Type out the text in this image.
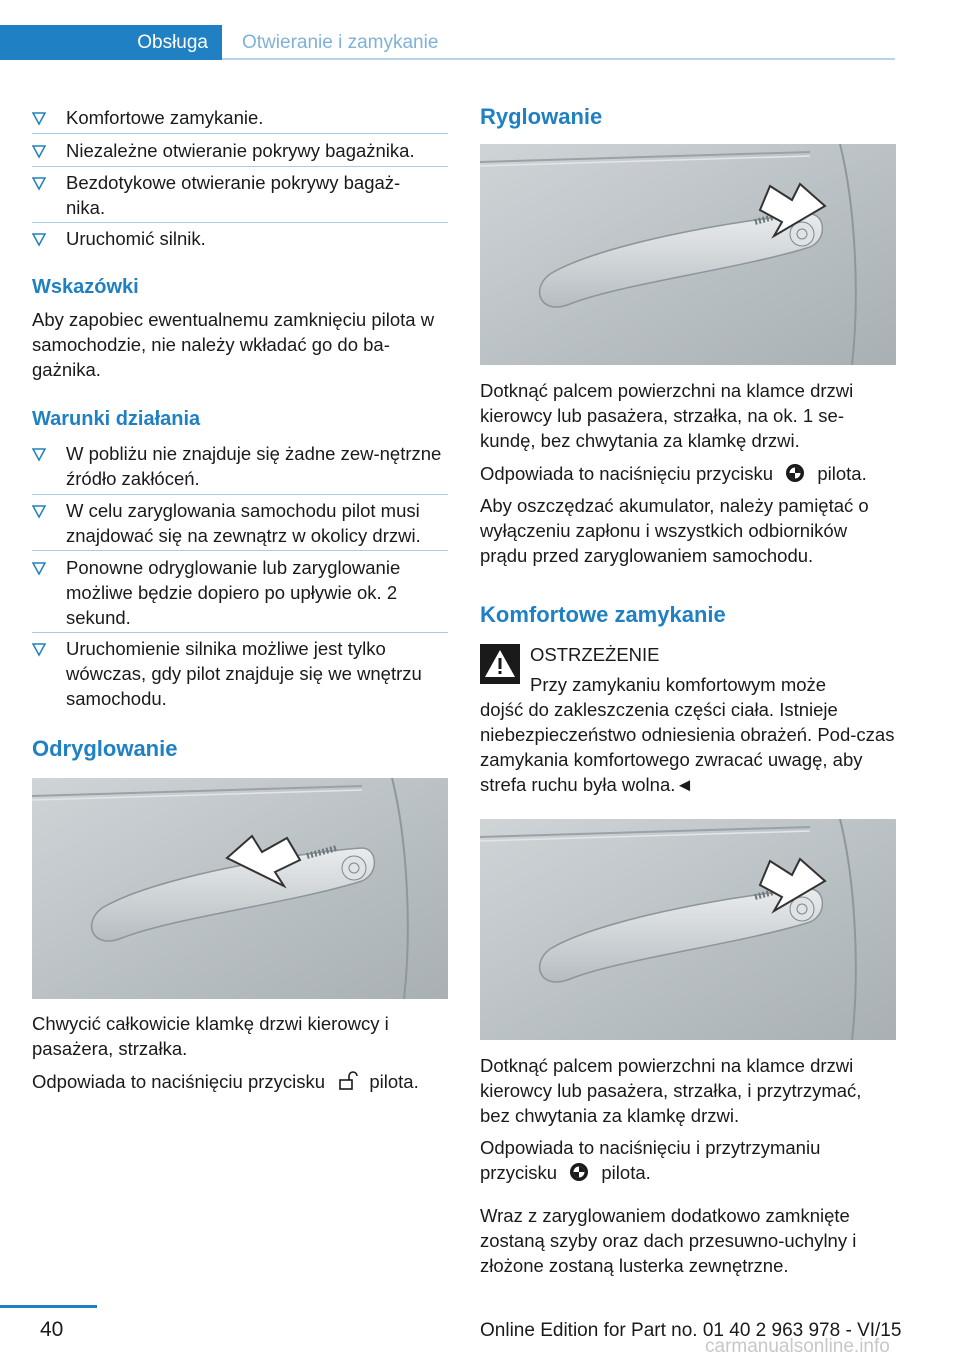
Obsługa	Otwieranie i zamykanie
Komfortowe zamykanie.
Niezależne otwieranie pokrywy bagażnika.
Bezdotykowe otwieranie pokrywy bagaż-
nika.
Uruchomić silnik.
Wskazówki
Aby zapobiec ewentualnemu zamknięciu pilota w samochodzie, nie należy wkładać go do ba-gażnika.
Warunki działania
W pobliżu nie znajduje się żadne zew-nętrzne źródło zakłóceń.
W celu zaryglowania samochodu pilot musi znajdować się na zewnątrz w okolicy drzwi.
Ponowne odryglowanie lub zaryglowanie możliwe będzie dopiero po upływie ok. 2 sekund.
Uruchomienie silnika możliwe jest tylko wówczas, gdy pilot znajduje się we wnętrzu samochodu.
Odryglowanie
Chwycić całkowicie klamkę drzwi kierowcy i pasażera, strzałka.
Odpowiada to naciśnięciu przycisku pilota.
Ryglowanie
Dotknąć palcem powierzchni na klamce drzwi kierowcy lub pasażera, strzałka, na ok. 1 se-kundę, bez chwytania za klamkę drzwi.
Odpowiada to naciśnięciu przycisku pilota.
Aby oszczędzać akumulator, należy pamiętać o wyłączeniu zapłonu i wszystkich odbiorników prądu przed zaryglowaniem samochodu.
Komfortowe zamykanie
OSTRZEŻENIE
Przy zamykaniu komfortowym może
dojść do zakleszczenia części ciała. Istnieje niebezpieczeństwo odniesienia obrażeń. Pod-czas zamykania komfortowego zwracać uwagę, aby strefa ruchu była wolna.◄
Dotknąć palcem powierzchni na klamce drzwi kierowcy lub pasażera, strzałka, i przytrzymać, bez chwytania za klamkę drzwi.
Odpowiada to naciśnięciu i przytrzymaniu przycisku pilota.
Wraz z zaryglowaniem dodatkowo zamknięte zostaną szyby oraz dach przesuwno-uchylny i złożone zostaną lusterka zewnętrzne.
40	Online Edition for Part no. 01 40 2 963 978 - VI/15
carmanualsonline.info
